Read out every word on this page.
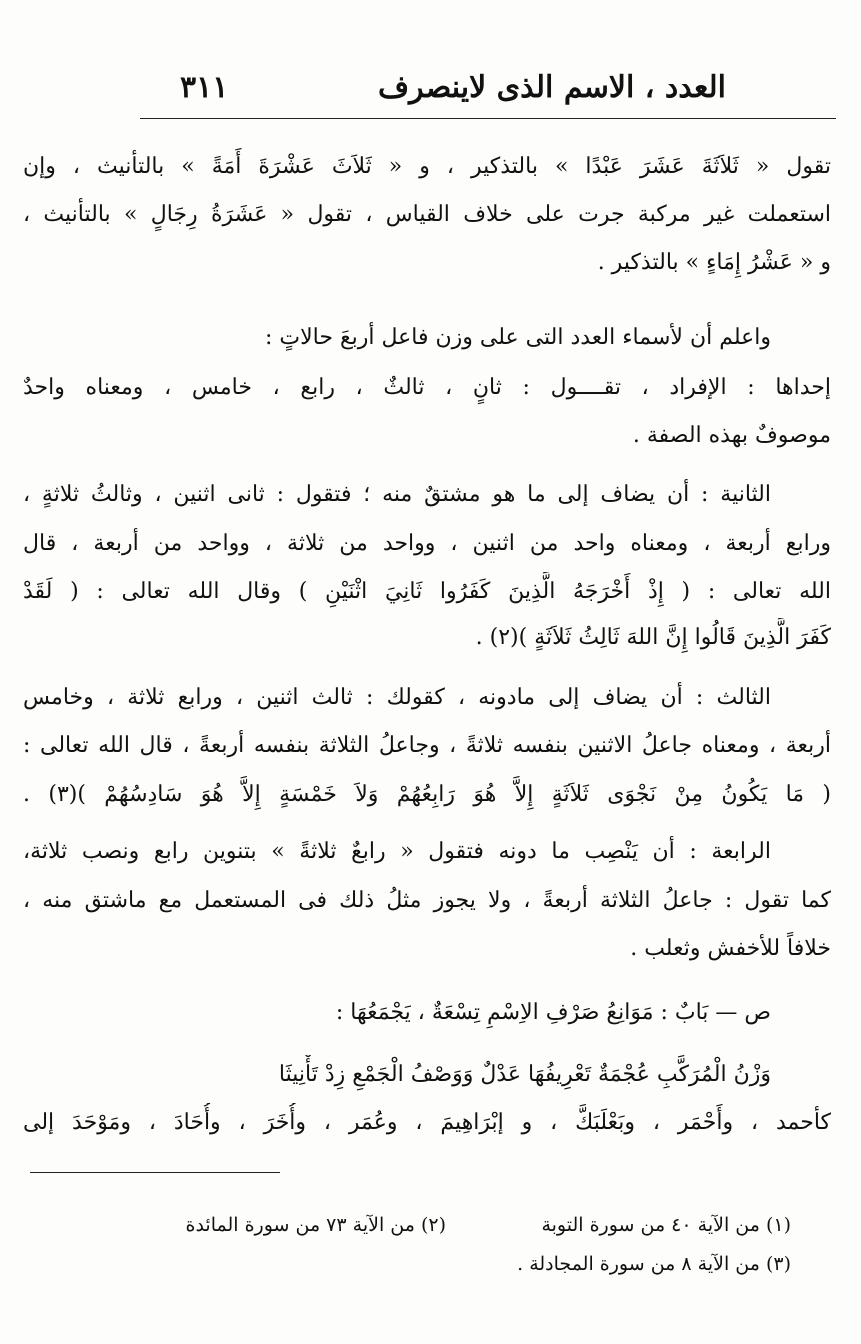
العدد ، الاسم الذى لاينصرف
٣١١
تقول « ثَلاَثَةَ عَشَرَ عَبْدًا » بالتذكير ، و « ثَلاَثَ عَشْرَةَ أَمَةً » بالتأنيث ، وإن
استعملت غير مركبة جرت على خلاف القياس ، تقول « عَشَرَةُ رِجَالٍ » بالتأنيث ،
و « عَشْرُ إِمَاءٍ » بالتذكير .
واعلم أن لأسماء العدد التى على وزن فاعل أربعَ حالاتٍ :
إحداها : الإفراد ، تقــــول : ثانٍ ، ثالثٌ ، رابع ، خامس ، ومعناه واحدٌ
موصوفٌ بهذه الصفة .
الثانية : أن يضاف إلى ما هو مشتقٌ منه ؛ فتقول : ثانى اثنين ، وثالثُ ثلاثةٍ ،
ورابع أربعة ، ومعناه واحد من اثنين ، وواحد من ثلاثة ، وواحد من أربعة ، قال
الله تعالى : ( إِذْ أَخْرَجَهُ الَّذِينَ كَفَرُوا ثَانِيَ اثْنَيْنِ ) وقال الله تعالى : ( لَقَدْ
كَفَرَ الَّذِينَ قَالُوا إِنَّ اللهَ ثَالِثُ ثَلاَثَةٍ )(٢) .
الثالث : أن يضاف إلى مادونه ، كقولك : ثالث اثنين ، ورابع ثلاثة ، وخامس
أربعة ، ومعناه جاعلُ الاثنين بنفسه ثلاثةً ، وجاعلُ الثلاثة بنفسه أربعةً ، قال الله تعالى :
( مَا يَكُونُ مِنْ نَجْوَى ثَلاَثَةٍ إِلاَّ هُوَ رَابِعُهُمْ وَلاَ خَمْسَةٍ إِلاَّ هُوَ سَادِسُهُمْ )(٣) .
الرابعة : أن يَنْصِب ما دونه فتقول « رابعٌ ثلاثةً » بتنوين رابع ونصب ثلاثة،
كما تقول : جاعلُ الثلاثة أربعةً ، ولا يجوز مثلُ ذلك فى المستعمل مع ماشتق منه ،
خلافاً للأخفش وثعلب .
ص — بَابٌ : مَوَانِعُ صَرْفِ الاِسْمِ تِسْعَةٌ ، يَجْمَعُهَا :
وَزْنُ الْمُرَكَّبِ عُجْمَةٌ تَعْرِيفُهَا عَدْلٌ وَوَصْفُ الْجَمْعِ زِدْ تَأْنِيثَا
كأحمد ، وأَحْمَر ، وبَعْلَبَكَّ ، و إبْرَاهِيمَ ، وعُمَر ، وأُخَرَ ، وأُحَادَ ، ومَوْحَدَ إلى
(١) من الآية ٤٠ من سورة التوبة
(٢) من الآية ٧٣ من سورة المائدة
(٣) من الآية ٨ من سورة المجادلة .
